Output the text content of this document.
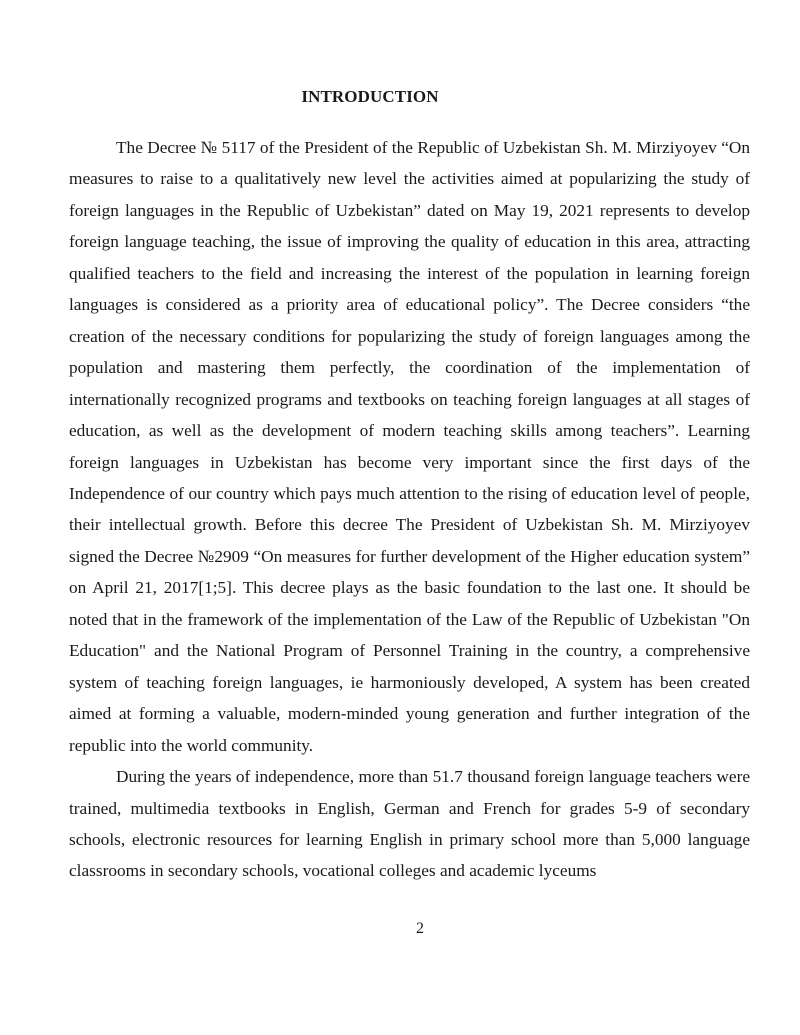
INTRODUCTION

The Decree № 5117 of the President of the Republic of Uzbekistan Sh. M. Mirziyoyev “On measures to raise to a qualitatively new level the activities aimed at popularizing the study of foreign languages in the Republic of Uzbekistan” dated on May 19, 2021 represents to develop foreign language teaching, the issue of improving the quality of education in this area, attracting qualified teachers to the field and increasing the interest of the population in learning foreign languages is considered as a priority area of educational policy”. The Decree considers “the creation of the necessary conditions for popularizing the study of foreign languages among the population and mastering them perfectly, the coordination of the implementation of internationally recognized programs and textbooks on teaching foreign languages at all stages of education, as well as the development of modern teaching skills among teachers”. Learning foreign languages in Uzbekistan has become very important since the first days of the Independence of our country which pays much attention to the rising of education level of people, their intellectual growth. Before this decree The President of Uzbekistan Sh. M. Mirziyoyev signed the Decree №2909 “On measures for further development of the Higher education system” on April 21, 2017[1;5]. This decree plays as the basic foundation to the last one. It should be noted that in the framework of the implementation of the Law of the Republic of Uzbekistan "On Education" and the National Program of Personnel Training in the country, a comprehensive system of teaching foreign languages, ie harmoniously developed, A system has been created aimed at forming a valuable, modern-minded young generation and further integration of the republic into the world community.

During the years of independence, more than 51.7 thousand foreign language teachers were trained, multimedia textbooks in English, German and French for grades 5-9 of secondary schools, electronic resources for learning English in primary school more than 5,000 language classrooms in secondary schools, vocational colleges and academic lyceums

2
